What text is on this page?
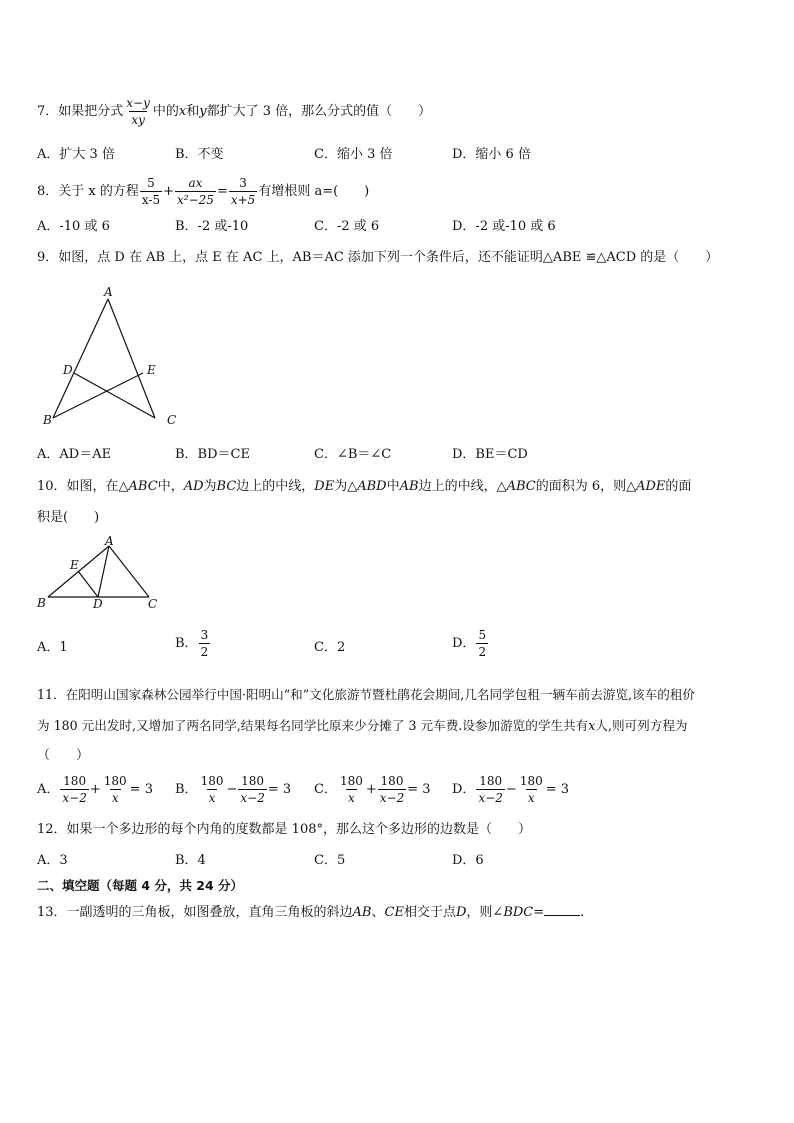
7．如果把分式 $\frac{x-y}{xy}$ 中的x和y都扩大了 3 倍，那么分式的值（　　）
A．扩大 3 倍	B．不变	C．缩小 3 倍	D．缩小 6 倍
8．关于 x 的方程 $\frac{5}{x-5} + \frac{ax}{\text{x²−25}} = \frac{3}{x+5}$ 有增根则 a=(　　)
A．-10 或 6	B．-2 或-10	C．-2 或 6	D．-2 或-10 或 6
9．如图，点 D 在 AB 上，点 E 在 AC 上，AB＝AC 添加下列一个条件后，还不能证明△ABE ≌△ACD 的是（　　）
A
D	E
B	C
A．AD＝AE	B．BD＝CE	C．∠B＝∠C	D．BE＝CD
10．如图，在△ABC中，AD为BC边上的中线，DE为△ABD中AB边上的中线，△ABC的面积为 6，则△ADE的面
积是(　　)
A
E
B	D	C
A．1	B． $\frac{3}{2}$	C．2	D． $\frac{5}{2}$
11．在阳明山国家森林公园举行中国·阳明山“和”文化旅游节暨杜鹃花会期间,几名同学包租一辆车前去游览,该车的租价
为 180 元出发时,又增加了两名同学,结果每名同学比原来少分摊了 3 元车费.设参加游览的学生共有x人,则可列方程为
（　　）
A． $\frac{180}{x-2} + \frac{180}{x} = 3$ B． $\frac{180}{x} - \frac{180}{x-2} = 3$ C． $\frac{180}{x} + \frac{180}{x-2} = 3$ D． $\frac{180}{x-2} - \frac{180}{x} = 3$
12．如果一个多边形的每个内角的度数都是 108°，那么这个多边形的边数是（　　）
A．3	B．4	C．5	D．6
二、填空题（每题 4 分，共 24 分）
13．一副透明的三角板，如图叠放，直角三角板的斜边AB、CE相交于点D，则∠BDC=	.
